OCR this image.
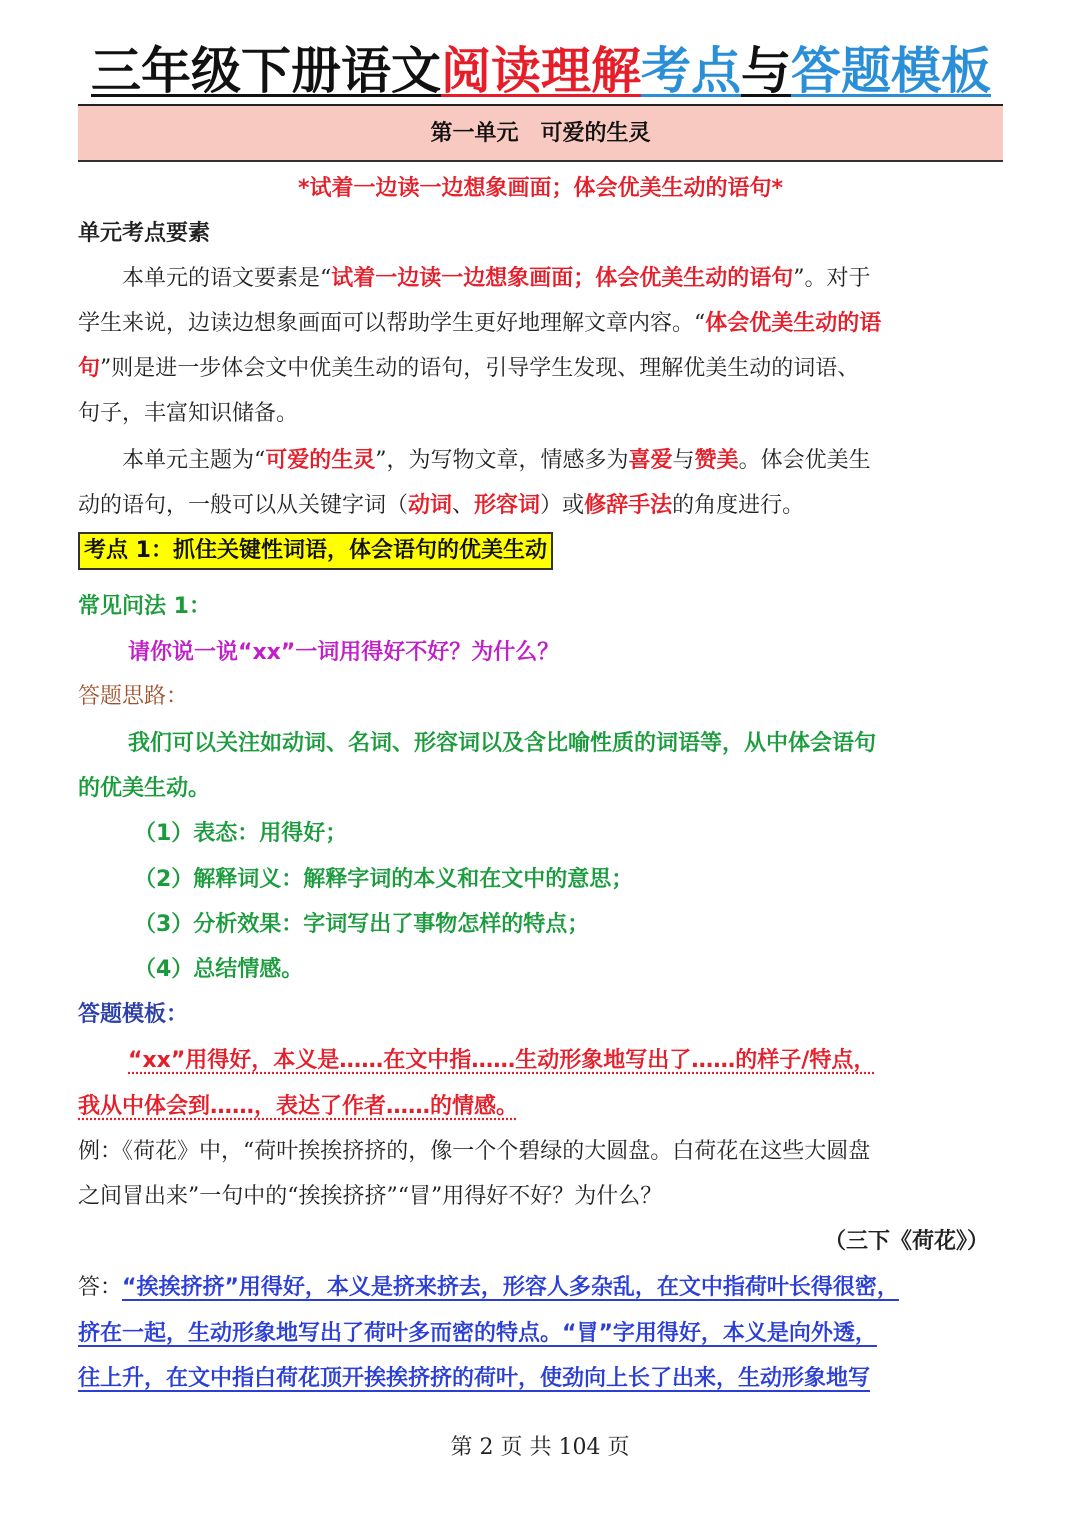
三年级下册语文阅读理解考点与答题模板
第一单元　可爱的生灵
*试着一边读一边想象画面；体会优美生动的语句*
单元考点要素
　　本单元的语文要素是“试着一边读一边想象画面；体会优美生动的语句”。对于
学生来说，边读边想象画面可以帮助学生更好地理解文章内容。“体会优美生动的语
句”则是进一步体会文中优美生动的语句，引导学生发现、理解优美生动的词语、
句子，丰富知识储备。
　　本单元主题为“可爱的生灵”，为写物文章，情感多为喜爱与赞美。体会优美生
动的语句，一般可以从关键字词（动词、形容词）或修辞手法的角度进行。
考点 1：抓住关键性词语，体会语句的优美生动
常见问法 1：
请你说一说“xx”一词用得好不好？为什么？
答题思路：
我们可以关注如动词、名词、形容词以及含比喻性质的词语等，从中体会语句
的优美生动。
（1）表态：用得好；
（2）解释词义：解释字词的本义和在文中的意思；
（3）分析效果：字词写出了事物怎样的特点；
（4）总结情感。
答题模板：
“xx”用得好，本义是……在文中指……生动形象地写出了……的样子/特点，
我从中体会到……，表达了作者……的情感。
例：《荷花》中，“荷叶挨挨挤挤的，像一个个碧绿的大圆盘。白荷花在这些大圆盘
之间冒出来”一句中的“挨挨挤挤”“冒”用得好不好？为什么？
（三下《荷花》）
答：“挨挨挤挤”用得好，本义是挤来挤去，形容人多杂乱，在文中指荷叶长得很密，
挤在一起，生动形象地写出了荷叶多而密的特点。“冒”字用得好，本义是向外透，
往上升，在文中指白荷花顶开挨挨挤挤的荷叶，使劲向上长了出来，生动形象地写
第 2 页 共 104 页
